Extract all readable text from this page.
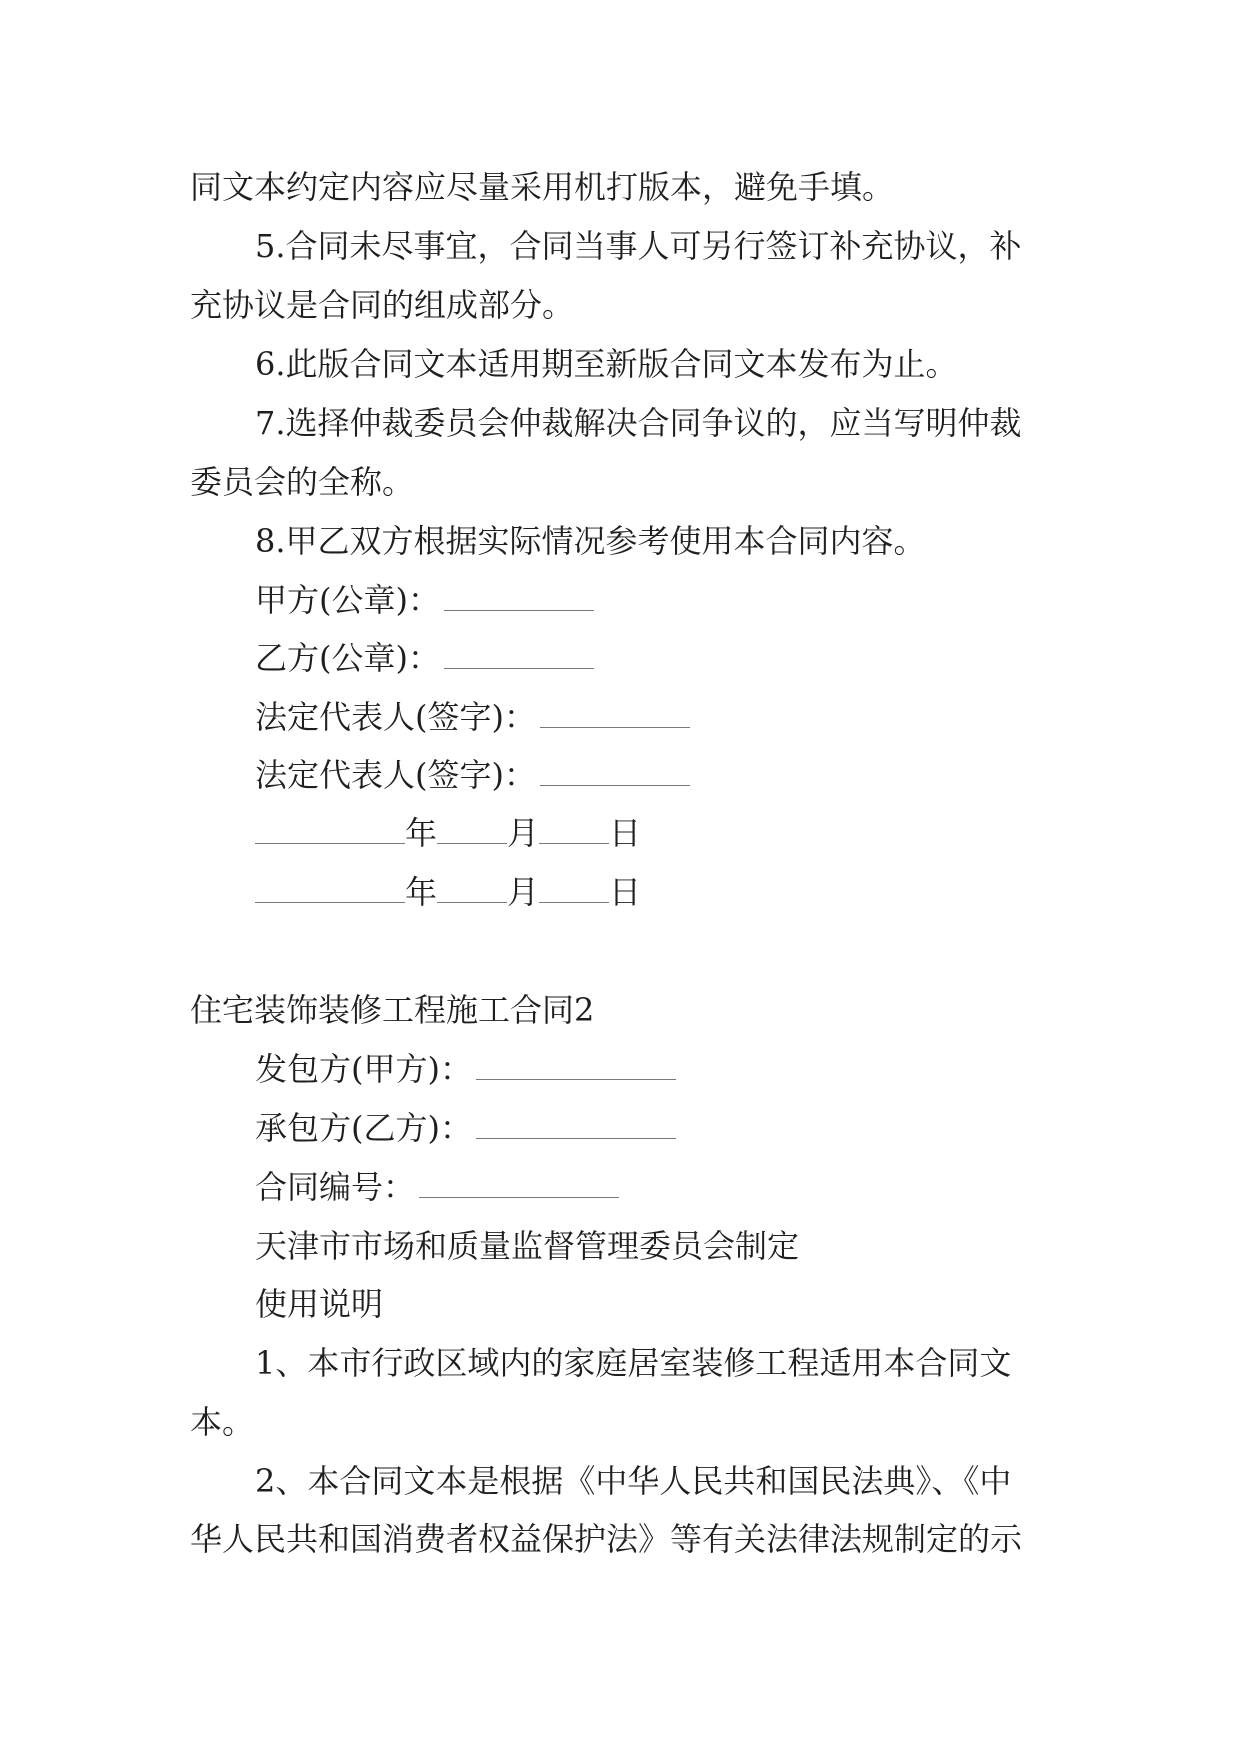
同文本约定内容应尽量采用机打版本，避免手填。
5.合同未尽事宜，合同当事人可另行签订补充协议，补
充协议是合同的组成部分。
6.此版合同文本适用期至新版合同文本发布为止。
7.选择仲裁委员会仲裁解决合同争议的，应当写明仲裁
委员会的全称。
8.甲乙双方根据实际情况参考使用本合同内容。
甲方(公章)：
乙方(公章)：
法定代表人(签字)：
法定代表人(签字)：
年 月 日
年 月 日
住宅装饰装修工程施工合同2
发包方(甲方)：
承包方(乙方)：
合同编号：
天津市市场和质量监督管理委员会制定
使用说明
1、本市行政区域内的家庭居室装修工程适用本合同文
本。
2、本合同文本是根据《中华人民共和国民法典》、《中
华人民共和国消费者权益保护法》等有关法律法规制定的示
